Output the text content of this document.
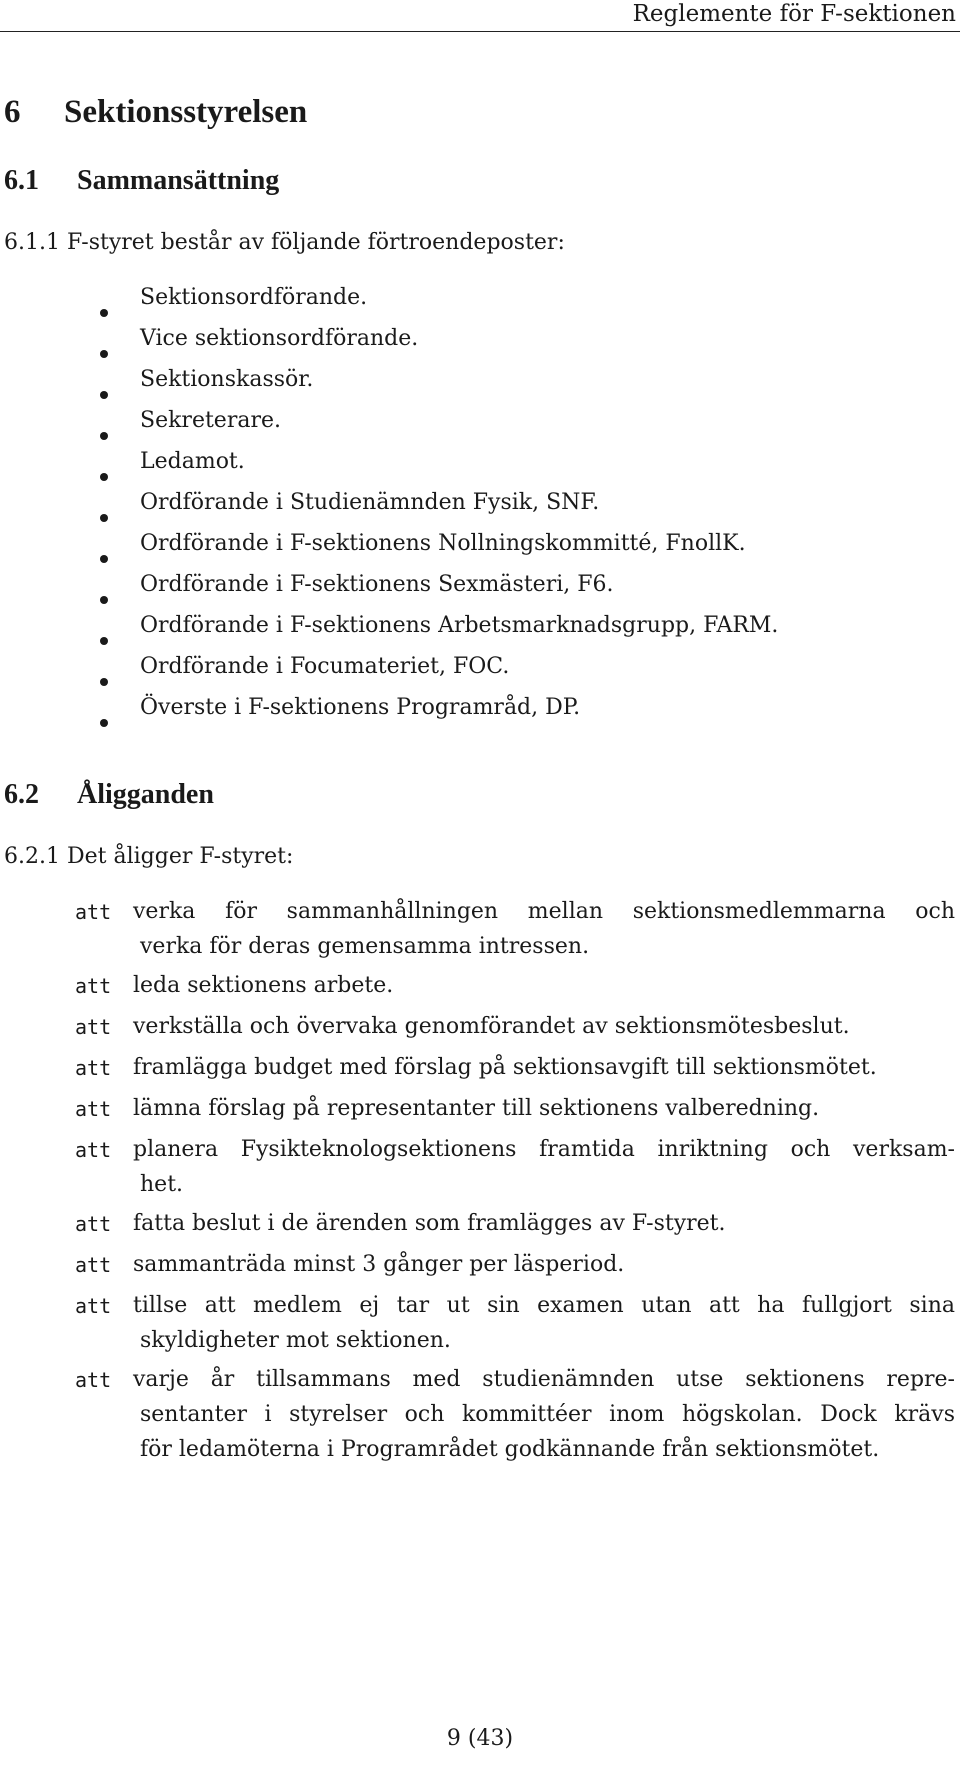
Reglemente för F-sektionen
6 Sektionsstyrelsen
6.1 Sammansättning
6.1.1 F-styret består av följande förtroendeposter:
Sektionsordförande.
Vice sektionsordförande.
Sektionskassör.
Sekreterare.
Ledamot.
Ordförande i Studienämnden Fysik, SNF.
Ordförande i F-sektionens Nollningskommitté, FnollK.
Ordförande i F-sektionens Sexmästeri, F6.
Ordförande i F-sektionens Arbetsmarknadsgrupp, FARM.
Ordförande i Focumateriet, FOC.
Överste i F-sektionens Programråd, DP.
6.2 Åligganden
6.2.1 Det åligger F-styret:
att verka för sammanhållningen mellan sektionsmedlemmarna och
verka för deras gemensamma intressen.
att leda sektionens arbete.
att verkställa och övervaka genomförandet av sektionsmötesbeslut.
att framlägga budget med förslag på sektionsavgift till sektionsmötet.
att lämna förslag på representanter till sektionens valberedning.
att planera Fysikteknologsektionens framtida inriktning och verksam-
het.
att fatta beslut i de ärenden som framlägges av F-styret.
att sammanträda minst 3 gånger per läsperiod.
att tillse att medlem ej tar ut sin examen utan att ha fullgjort sina
skyldigheter mot sektionen.
att varje år tillsammans med studienämnden utse sektionens repre-
sentanter i styrelser och kommittéer inom högskolan. Dock krävs
för ledamöterna i Programrådet godkännande från sektionsmötet.
9 (43)
